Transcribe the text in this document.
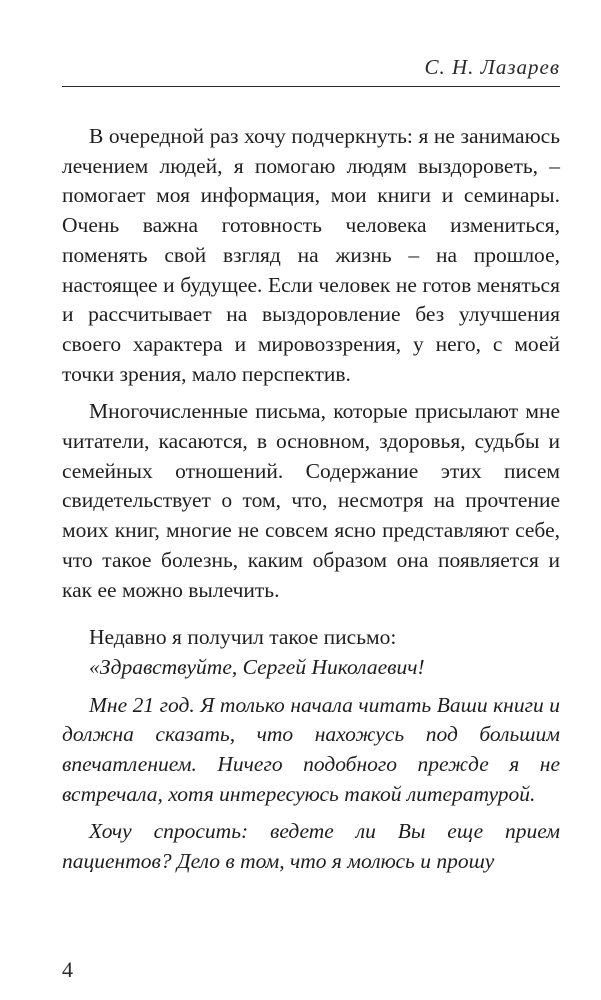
С. Н. Лазарев

В очередной раз хочу подчеркнуть: я не занимаюсь лечением людей, я помогаю людям выздороветь, – помогает моя информация, мои книги и семинары. Очень важна готовность человека измениться, поменять свой взгляд на жизнь – на прошлое, настоящее и будущее. Если человек не готов меняться и рассчитывает на выздоровление без улучшения своего характера и мировоззрения, у него, с моей точки зрения, мало перспектив.

Многочисленные письма, которые присылают мне читатели, касаются, в основном, здоровья, судьбы и семейных отношений. Содержание этих писем свидетельствует о том, что, несмотря на прочтение моих книг, многие не совсем ясно представляют себе, что такое болезнь, каким образом она появляется и как ее можно вылечить.

Недавно я получил такое письмо:

«Здравствуйте, Сергей Николаевич!

Мне 21 год. Я только начала читать Ваши книги и должна сказать, что нахожусь под большим впечатлением. Ничего подобного прежде я не встречала, хотя интересуюсь такой литературой.

Хочу спросить: ведете ли Вы еще прием пациентов? Дело в том, что я молюсь и прошу

4
